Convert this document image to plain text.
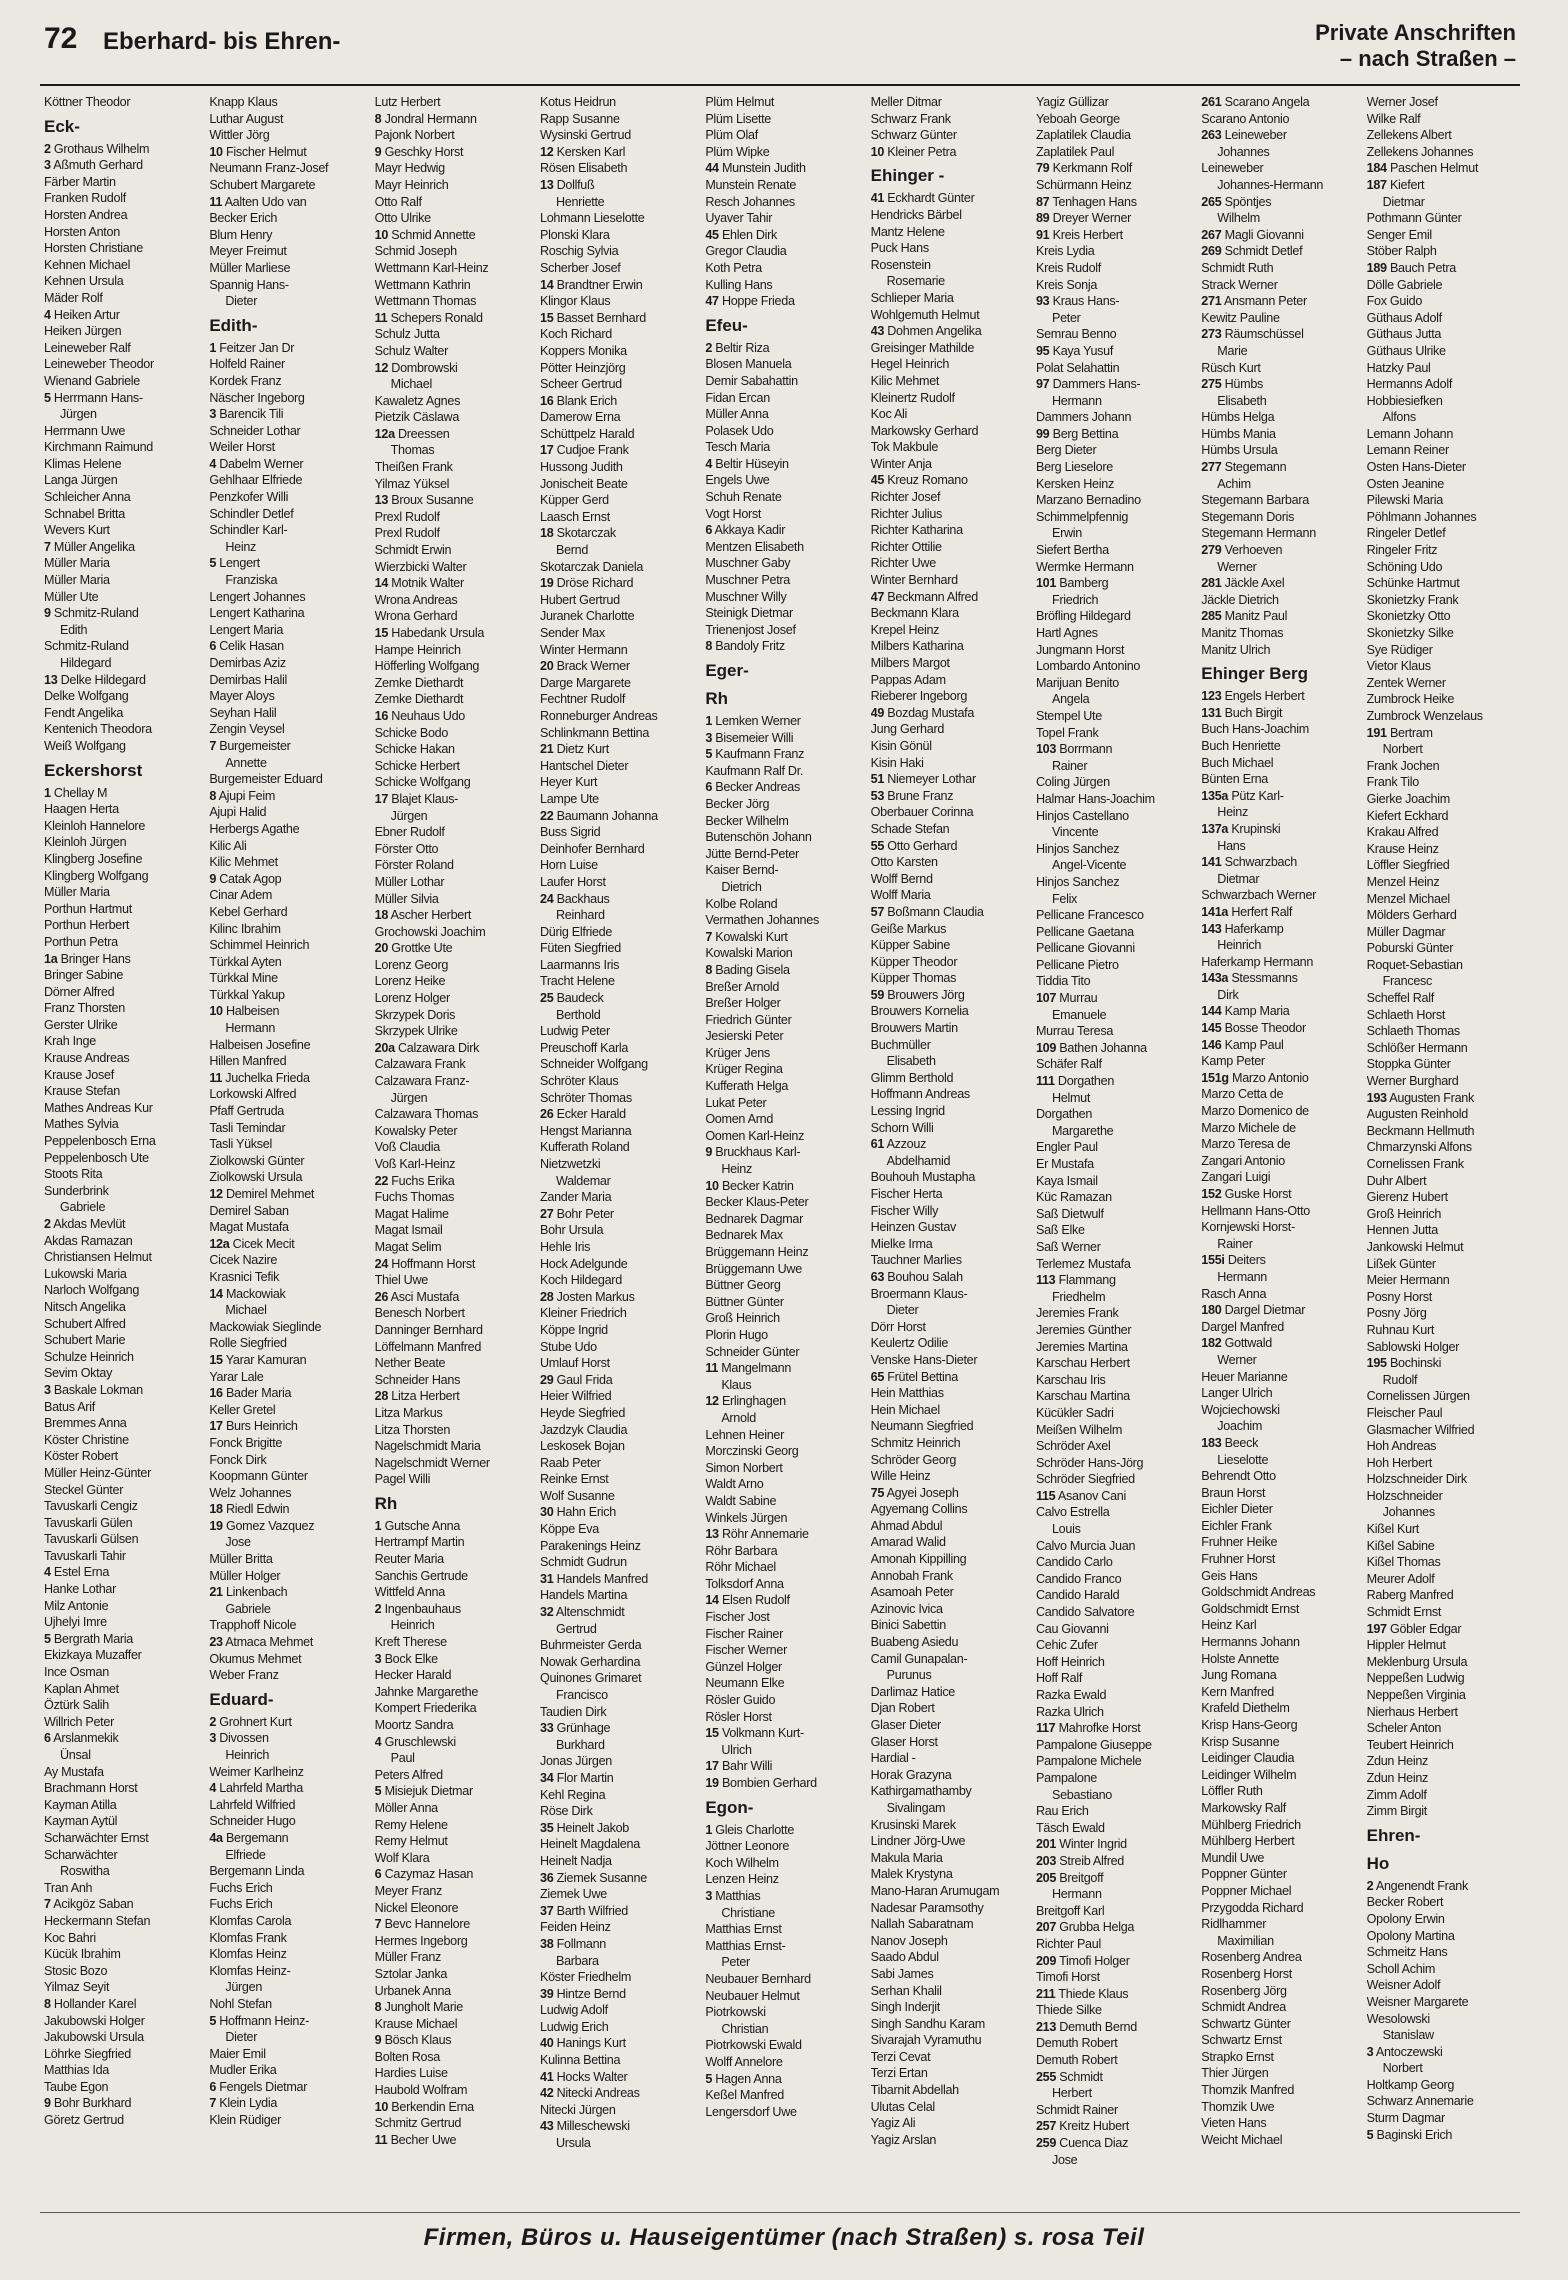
72 Eberhard- bis Ehren-	Private Anschriften
– nach Straßen –
Köttner Theodor
Eck-
2 Grothaus Wilhelm
3 Aßmuth Gerhard
Färber Martin
Franken Rudolf
Horsten Andrea
Horsten Anton
Horsten Christiane
Kehnen Michael
Kehnen Ursula
Mäder Rolf
4 Heiken Artur
Heiken Jürgen
Leineweber Ralf
Leineweber Theodor
Wienand Gabriele
5 Herrmann Hans-
Jürgen
Herrmann Uwe
Kirchmann Raimund
Klimas Helene
Langa Jürgen
Schleicher Anna
Schnabel Britta
Wevers Kurt
7 Müller Angelika
Müller Maria
Müller Maria
Müller Ute
9 Schmitz-Ruland
Edith
Schmitz-Ruland
Hildegard
13 Delke Hildegard
Delke Wolfgang
Fendt Angelika
Kentenich Theodora
Weiß Wolfgang
Eckershorst
1 Chellay M
Haagen Herta
Kleinloh Hannelore
Kleinloh Jürgen
Klingberg Josefine
Klingberg Wolfgang
Müller Maria
Porthun Hartmut
Porthun Herbert
Porthun Petra
1a Bringer Hans
Bringer Sabine
Dörner Alfred
Franz Thorsten
Gerster Ulrike
Krah Inge
Krause Andreas
Krause Josef
Krause Stefan
Mathes Andreas Kur
Mathes Sylvia
Peppelenbosch Erna
Peppelenbosch Ute
Stoots Rita
Sunderbrink
Gabriele
2 Akdas Mevlüt
Akdas Ramazan
Christiansen Helmut
Lukowski Maria
Narloch Wolfgang
Nitsch Angelika
Schubert Alfred
Schubert Marie
Schulze Heinrich
Sevim Oktay
3 Baskale Lokman
Batus Arif
Bremmes Anna
Köster Christine
Köster Robert
Müller Heinz-Günter
Steckel Günter
Tavuskarli Cengiz
Tavuskarli Gülen
Tavuskarli Gülsen
Tavuskarli Tahir
4 Estel Erna
Hanke Lothar
Milz Antonie
Ujhelyi Imre
5 Bergrath Maria
Ekizkaya Muzaffer
Ince Osman
Kaplan Ahmet
Öztürk Salih
Willrich Peter
6 Arslanmekik
Ünsal
Ay Mustafa
Brachmann Horst
Kayman Atilla
Kayman Aytül
Scharwächter Ernst
Scharwächter
Roswitha
Tran Anh
7 Acikgöz Saban
Heckermann Stefan
Koc Bahri
Kücük Ibrahim
Stosic Bozo
Yilmaz Seyit
8 Hollander Karel
Jakubowski Holger
Jakubowski Ursula
Löhrke Siegfried
Matthias Ida
Taube Egon
9 Bohr Burkhard
Göretz Gertrud
Knapp Klaus
Luthar August
Wittler Jörg
10 Fischer Helmut
Neumann Franz-Josef
Schubert Margarete
11 Aalten Udo van
Becker Erich
Blum Henry
Meyer Freimut
Müller Marliese
Spannig Hans-
Dieter
Edith-
1 Feitzer Jan Dr
Holfeld Rainer
Kordek Franz
Näscher Ingeborg
3 Barencik Tili
Schneider Lothar
Weiler Horst
4 Dabelm Werner
Gehlhaar Elfriede
Penzkofer Willi
Schindler Detlef
Schindler Karl-
Heinz
5 Lengert
Franziska
Lengert Johannes
Lengert Katharina
Lengert Maria
6 Celik Hasan
Demirbas Aziz
Demirbas Halil
Mayer Aloys
Seyhan Halil
Zengin Veysel
7 Burgemeister
Annette
Burgemeister Eduard
8 Ajupi Feim
Ajupi Halid
Herbergs Agathe
Kilic Ali
Kilic Mehmet
9 Catak Agop
Cinar Adem
Kebel Gerhard
Kilinc Ibrahim
Schimmel Heinrich
Türkkal Ayten
Türkkal Mine
Türkkal Yakup
10 Halbeisen
Hermann
Halbeisen Josefine
Hillen Manfred
11 Juchelka Frieda
Lorkowski Alfred
Pfaff Gertruda
Tasli Temindar
Tasli Yüksel
Ziolkowski Günter
Ziolkowski Ursula
12 Demirel Mehmet
Demirel Saban
Magat Mustafa
12a Cicek Mecit
Cicek Nazire
Krasnici Tefik
14 Mackowiak
Michael
Mackowiak Sieglinde
Rolle Siegfried
15 Yarar Kamuran
Yarar Lale
16 Bader Maria
Keller Gretel
17 Burs Heinrich
Fonck Brigitte
Fonck Dirk
Koopmann Günter
Welz Johannes
18 Riedl Edwin
19 Gomez Vazquez
Jose
Müller Britta
Müller Holger
21 Linkenbach
Gabriele
Trapphoff Nicole
23 Atmaca Mehmet
Okumus Mehmet
Weber Franz
Eduard-
2 Grohnert Kurt
3 Divossen
Heinrich
Weimer Karlheinz
4 Lahrfeld Martha
Lahrfeld Wilfried
Schneider Hugo
4a Bergemann
Elfriede
Bergemann Linda
Fuchs Erich
Fuchs Erich
Klomfas Carola
Klomfas Frank
Klomfas Heinz
Klomfas Heinz-
Jürgen
Nohl Stefan
5 Hoffmann Heinz-
Dieter
Maier Emil
Mudler Erika
6 Fengels Dietmar
7 Klein Lydia
Klein Rüdiger
Lutz Herbert
8 Jondral Hermann
Pajonk Norbert
9 Geschky Horst
Mayr Hedwig
Mayr Heinrich
Otto Ralf
Otto Ulrike
10 Schmid Annette
Schmid Joseph
Wettmann Karl-Heinz
Wettmann Kathrin
Wettmann Thomas
11 Schepers Ronald
Schulz Jutta
Schulz Walter
12 Dombrowski
Michael
Kawaletz Agnes
Pietzik Cäslawa
12a Dreessen
Thomas
Theißen Frank
Yilmaz Yüksel
13 Broux Susanne
Prexl Rudolf
Prexl Rudolf
Schmidt Erwin
Wierzbicki Walter
14 Motnik Walter
Wrona Andreas
Wrona Gerhard
15 Habedank Ursula
Hampe Heinrich
Höfferling Wolfgang
Zemke Diethardt
Zemke Diethardt
16 Neuhaus Udo
Schicke Bodo
Schicke Hakan
Schicke Herbert
Schicke Wolfgang
17 Blajet Klaus-
Jürgen
Ebner Rudolf
Förster Otto
Förster Roland
Müller Lothar
Müller Silvia
18 Ascher Herbert
Grochowski Joachim
20 Grottke Ute
Lorenz Georg
Lorenz Heike
Lorenz Holger
Skrzypek Doris
Skrzypek Ulrike
20a Calzawara Dirk
Calzawara Frank
Calzawara Franz-
Jürgen
Calzawara Thomas
Kowalsky Peter
Voß Claudia
Voß Karl-Heinz
22 Fuchs Erika
Fuchs Thomas
Magat Halime
Magat Ismail
Magat Selim
24 Hoffmann Horst
Thiel Uwe
26 Asci Mustafa
Benesch Norbert
Danninger Bernhard
Löffelmann Manfred
Nether Beate
Schneider Hans
28 Litza Herbert
Litza Markus
Litza Thorsten
Nagelschmidt Maria
Nagelschmidt Werner
Pagel Willi
Rh
1 Gutsche Anna
Hertrampf Martin
Reuter Maria
Sanchis Gertrude
Wittfeld Anna
2 Ingenbauhaus
Heinrich
Kreft Therese
3 Bock Elke
Hecker Harald
Jahnke Margarethe
Kompert Friederika
Moortz Sandra
4 Gruschlewski
Paul
Peters Alfred
5 Misiejuk Dietmar
Möller Anna
Remy Helene
Remy Helmut
Wolf Klara
6 Cazymaz Hasan
Meyer Franz
Nickel Eleonore
7 Bevc Hannelore
Hermes Ingeborg
Müller Franz
Sztolar Janka
Urbanek Anna
8 Jungholt Marie
Krause Michael
9 Bösch Klaus
Bolten Rosa
Hardies Luise
Haubold Wolfram
10 Berkendin Erna
Schmitz Gertrud
11 Becher Uwe
Kotus Heidrun
Rapp Susanne
Wysinski Gertrud
12 Kersken Karl
Rösen Elisabeth
13 Dollfuß
Henriette
Lohmann Lieselotte
Plonski Klara
Roschig Sylvia
Scherber Josef
14 Brandtner Erwin
Klingor Klaus
15 Basset Bernhard
Koch Richard
Koppers Monika
Pötter Heinzjörg
Scheer Gertrud
16 Blank Erich
Damerow Erna
Schüttpelz Harald
17 Cudjoe Frank
Hussong Judith
Jonischeit Beate
Küpper Gerd
Laasch Ernst
18 Skotarczak
Bernd
Skotarczak Daniela
19 Dröse Richard
Hubert Gertrud
Juranek Charlotte
Sender Max
Winter Hermann
20 Brack Werner
Darge Margarete
Fechtner Rudolf
Ronneburger Andreas
Schlinkmann Bettina
21 Dietz Kurt
Hantschel Dieter
Heyer Kurt
Lampe Ute
22 Baumann Johanna
Buss Sigrid
Deinhofer Bernhard
Horn Luise
Laufer Horst
24 Backhaus
Reinhard
Dürig Elfriede
Füten Siegfried
Laarmanns Iris
Tracht Helene
25 Baudeck
Berthold
Ludwig Peter
Preuschoff Karla
Schneider Wolfgang
Schröter Klaus
Schröter Thomas
26 Ecker Harald
Hengst Marianna
Kufferath Roland
Nietzwetzki
Waldemar
Zander Maria
27 Bohr Peter
Bohr Ursula
Hehle Iris
Hock Adelgunde
Koch Hildegard
28 Josten Markus
Kleiner Friedrich
Köppe Ingrid
Stube Udo
Umlauf Horst
29 Gaul Frida
Heier Wilfried
Heyde Siegfried
Jazdzyk Claudia
Leskosek Bojan
Raab Peter
Reinke Ernst
Wolf Susanne
30 Hahn Erich
Köppe Eva
Parakenings Heinz
Schmidt Gudrun
31 Handels Manfred
Handels Martina
32 Altenschmidt
Gertrud
Buhrmeister Gerda
Nowak Gerhardina
Quinones Grimaret
Francisco
Taudien Dirk
33 Grünhage
Burkhard
Jonas Jürgen
34 Flor Martin
Kehl Regina
Röse Dirk
35 Heinelt Jakob
Heinelt Magdalena
Heinelt Nadja
36 Ziemek Susanne
Ziemek Uwe
37 Barth Wilfried
Feiden Heinz
38 Follmann
Barbara
Köster Friedhelm
39 Hintze Bernd
Ludwig Adolf
Ludwig Erich
40 Hanings Kurt
Kulinna Bettina
41 Hocks Walter
42 Nitecki Andreas
Nitecki Jürgen
43 Milleschewski
Ursula
Plüm Helmut
Plüm Lisette
Plüm Olaf
Plüm Wipke
44 Munstein Judith
Munstein Renate
Resch Johannes
Uyaver Tahir
45 Ehlen Dirk
Gregor Claudia
Koth Petra
Kulling Hans
47 Hoppe Frieda
Efeu-
2 Beltir Riza
Blosen Manuela
Demir Sabahattin
Fidan Ercan
Müller Anna
Polasek Udo
Tesch Maria
4 Beltir Hüseyin
Engels Uwe
Schuh Renate
Vogt Horst
6 Akkaya Kadir
Mentzen Elisabeth
Muschner Gaby
Muschner Petra
Muschner Willy
Steinigk Dietmar
Trienenjost Josef
8 Bandoly Fritz
Eger-
Rh
1 Lemken Werner
3 Bisemeier Willi
5 Kaufmann Franz
Kaufmann Ralf Dr.
6 Becker Andreas
Becker Jörg
Becker Wilhelm
Butenschön Johann
Jütte Bernd-Peter
Kaiser Bernd-
Dietrich
Kolbe Roland
Vermathen Johannes
7 Kowalski Kurt
Kowalski Marion
8 Bading Gisela
Breßer Arnold
Breßer Holger
Friedrich Günter
Jesierski Peter
Krüger Jens
Krüger Regina
Kufferath Helga
Lukat Peter
Oomen Arnd
Oomen Karl-Heinz
9 Bruckhaus Karl-
Heinz
10 Becker Katrin
Becker Klaus-Peter
Bednarek Dagmar
Bednarek Max
Brüggemann Heinz
Brüggemann Uwe
Büttner Georg
Büttner Günter
Groß Heinrich
Plorin Hugo
Schneider Günter
11 Mangelmann
Klaus
12 Erlinghagen
Arnold
Lehnen Heiner
Morczinski Georg
Simon Norbert
Waldt Arno
Waldt Sabine
Winkels Jürgen
13 Röhr Annemarie
Röhr Barbara
Röhr Michael
Tolksdorf Anna
14 Elsen Rudolf
Fischer Jost
Fischer Rainer
Fischer Werner
Günzel Holger
Neumann Elke
Rösler Guido
Rösler Horst
15 Volkmann Kurt-
Ulrich
17 Bahr Willi
19 Bombien Gerhard
Egon-
1 Gleis Charlotte
Jöttner Leonore
Koch Wilhelm
Lenzen Heinz
3 Matthias
Christiane
Matthias Ernst
Matthias Ernst-
Peter
Neubauer Bernhard
Neubauer Helmut
Piotrkowski
Christian
Piotrkowski Ewald
Wolff Annelore
5 Hagen Anna
Keßel Manfred
Lengersdorf Uwe
Meller Ditmar
Schwarz Frank
Schwarz Günter
10 Kleiner Petra
Ehinger -
41 Eckhardt Günter
Hendricks Bärbel
Mantz Helene
Puck Hans
Rosenstein
Rosemarie
Schlieper Maria
Wohlgemuth Helmut
43 Dohmen Angelika
Greisinger Mathilde
Hegel Heinrich
Kilic Mehmet
Kleinertz Rudolf
Koc Ali
Markowsky Gerhard
Tok Makbule
Winter Anja
45 Kreuz Romano
Richter Josef
Richter Julius
Richter Katharina
Richter Ottilie
Richter Uwe
Winter Bernhard
47 Beckmann Alfred
Beckmann Klara
Krepel Heinz
Milbers Katharina
Milbers Margot
Pappas Adam
Rieberer Ingeborg
49 Bozdag Mustafa
Jung Gerhard
Kisin Gönül
Kisin Haki
51 Niemeyer Lothar
53 Brune Franz
Oberbauer Corinna
Schade Stefan
55 Otto Gerhard
Otto Karsten
Wolff Bernd
Wolff Maria
57 Boßmann Claudia
Geiße Markus
Küpper Sabine
Küpper Theodor
Küpper Thomas
59 Brouwers Jörg
Brouwers Kornelia
Brouwers Martin
Buchmüller
Elisabeth
Glimm Berthold
Hoffmann Andreas
Lessing Ingrid
Schorn Willi
61 Azzouz
Abdelhamid
Bouhouh Mustapha
Fischer Herta
Fischer Willy
Heinzen Gustav
Mielke Irma
Tauchner Marlies
63 Bouhou Salah
Broermann Klaus-
Dieter
Dörr Horst
Keulertz Odilie
Venske Hans-Dieter
65 Frütel Bettina
Hein Matthias
Hein Michael
Neumann Siegfried
Schmitz Heinrich
Schröder Georg
Wille Heinz
75 Agyei Joseph
Agyemang Collins
Ahmad Abdul
Amarad Walid
Amonah Kippilling
Annobah Frank
Asamoah Peter
Azinovic Ivica
Binici Sabettin
Buabeng Asiedu
Camil Gunapalan-
Purunus
Darlimaz Hatice
Djan Robert
Glaser Dieter
Glaser Horst
Hardial -
Horak Grazyna
Kathirgamathamby
Sivalingam
Krusinski Marek
Lindner Jörg-Uwe
Makula Maria
Malek Krystyna
Mano-Haran Arumugam
Nadesar Paramsothy
Nallah Sabaratnam
Nanov Joseph
Saado Abdul
Sabi James
Serhan Khalil
Singh Inderjit
Singh Sandhu Karam
Sivarajah Vyramuthu
Terzi Cevat
Terzi Ertan
Tibarnit Abdellah
Ulutas Celal
Yagiz Ali
Yagiz Arslan
Yagiz Güllizar
Yeboah George
Zaplatilek Claudia
Zaplatilek Paul
79 Kerkmann Rolf
Schürmann Heinz
87 Tenhagen Hans
89 Dreyer Werner
91 Kreis Herbert
Kreis Lydia
Kreis Rudolf
Kreis Sonja
93 Kraus Hans-
Peter
Semrau Benno
95 Kaya Yusuf
Polat Selahattin
97 Dammers Hans-
Hermann
Dammers Johann
99 Berg Bettina
Berg Dieter
Berg Lieselore
Kersken Heinz
Marzano Bernadino
Schimmelpfennig
Erwin
Siefert Bertha
Wermke Hermann
101 Bamberg
Friedrich
Bröfling Hildegard
Hartl Agnes
Jungmann Horst
Lombardo Antonino
Marijuan Benito
Angela
Stempel Ute
Topel Frank
103 Borrmann
Rainer
Coling Jürgen
Halmar Hans-Joachim
Hinjos Castellano
Vincente
Hinjos Sanchez
Angel-Vicente
Hinjos Sanchez
Felix
Pellicane Francesco
Pellicane Gaetana
Pellicane Giovanni
Pellicane Pietro
Tiddia Tito
107 Murrau
Emanuele
Murrau Teresa
109 Bathen Johanna
Schäfer Ralf
111 Dorgathen
Helmut
Dorgathen
Margarethe
Engler Paul
Er Mustafa
Kaya Ismail
Küc Ramazan
Saß Dietwulf
Saß Elke
Saß Werner
Terlemez Mustafa
113 Flammang
Friedhelm
Jeremies Frank
Jeremies Günther
Jeremies Martina
Karschau Herbert
Karschau Iris
Karschau Martina
Kücükler Sadri
Meißen Wilhelm
Schröder Axel
Schröder Hans-Jörg
Schröder Siegfried
115 Asanov Cani
Calvo Estrella
Louis
Calvo Murcia Juan
Candido Carlo
Candido Franco
Candido Harald
Candido Salvatore
Cau Giovanni
Cehic Zufer
Hoff Heinrich
Hoff Ralf
Razka Ewald
Razka Ulrich
117 Mahrofke Horst
Pampalone Giuseppe
Pampalone Michele
Pampalone
Sebastiano
Rau Erich
Täsch Ewald
201 Winter Ingrid
203 Streib Alfred
205 Breitgoff
Hermann
Breitgoff Karl
207 Grubba Helga
Richter Paul
209 Timofi Holger
Timofi Horst
211 Thiede Klaus
Thiede Silke
213 Demuth Bernd
Demuth Robert
Demuth Robert
255 Schmidt
Herbert
Schmidt Rainer
257 Kreitz Hubert
259 Cuenca Diaz
Jose
261 Scarano Angela
Scarano Antonio
263 Leineweber
Johannes
Leineweber
Johannes-Hermann
265 Spöntjes
Wilhelm
267 Magli Giovanni
269 Schmidt Detlef
Schmidt Ruth
Strack Werner
271 Ansmann Peter
Kewitz Pauline
273 Räumschüssel
Marie
Rüsch Kurt
275 Hümbs
Elisabeth
Hümbs Helga
Hümbs Mania
Hümbs Ursula
277 Stegemann
Achim
Stegemann Barbara
Stegemann Doris
Stegemann Hermann
279 Verhoeven
Werner
281 Jäckle Axel
Jäckle Dietrich
285 Manitz Paul
Manitz Thomas
Manitz Ulrich
Ehinger Berg
123 Engels Herbert
131 Buch Birgit
Buch Hans-Joachim
Buch Henriette
Buch Michael
Bünten Erna
135a Pütz Karl-
Heinz
137a Krupinski
Hans
141 Schwarzbach
Dietmar
Schwarzbach Werner
141a Herfert Ralf
143 Haferkamp
Heinrich
Haferkamp Hermann
143a Stessmanns
Dirk
144 Kamp Maria
145 Bosse Theodor
146 Kamp Paul
Kamp Peter
151g Marzo Antonio
Marzo Cetta de
Marzo Domenico de
Marzo Michele de
Marzo Teresa de
Zangari Antonio
Zangari Luigi
152 Guske Horst
Hellmann Hans-Otto
Kornjewski Horst-
Rainer
155i Deiters
Hermann
Rasch Anna
180 Dargel Dietmar
Dargel Manfred
182 Gottwald
Werner
Heuer Marianne
Langer Ulrich
Wojciechowski
Joachim
183 Beeck
Lieselotte
Behrendt Otto
Braun Horst
Eichler Dieter
Eichler Frank
Fruhner Heike
Fruhner Horst
Geis Hans
Goldschmidt Andreas
Goldschmidt Ernst
Heinz Karl
Hermanns Johann
Holste Annette
Jung Romana
Kern Manfred
Krafeld Diethelm
Krisp Hans-Georg
Krisp Susanne
Leidinger Claudia
Leidinger Wilhelm
Löffler Ruth
Markowsky Ralf
Mühlberg Friedrich
Mühlberg Herbert
Mundil Uwe
Poppner Günter
Poppner Michael
Przygodda Richard
Ridlhammer
Maximilian
Rosenberg Andrea
Rosenberg Horst
Rosenberg Jörg
Schmidt Andrea
Schwartz Günter
Schwartz Ernst
Strapko Ernst
Thier Jürgen
Thomzik Manfred
Thomzik Uwe
Vieten Hans
Weicht Michael
Werner Josef
Wilke Ralf
Zellekens Albert
Zellekens Johannes
184 Paschen Helmut
187 Kiefert
Dietmar
Pothmann Günter
Senger Emil
Stöber Ralph
189 Bauch Petra
Dölle Gabriele
Fox Guido
Güthaus Adolf
Güthaus Jutta
Güthaus Ulrike
Hatzky Paul
Hermanns Adolf
Hobbiesiefken
Alfons
Lemann Johann
Lemann Reiner
Osten Hans-Dieter
Osten Jeanine
Pilewski Maria
Pöhlmann Johannes
Ringeler Detlef
Ringeler Fritz
Schöning Udo
Schünke Hartmut
Skonietzky Frank
Skonietzky Otto
Skonietzky Silke
Sye Rüdiger
Vietor Klaus
Zentek Werner
Zumbrock Heike
Zumbrock Wenzelaus
191 Bertram
Norbert
Frank Jochen
Frank Tilo
Gierke Joachim
Kiefert Eckhard
Krakau Alfred
Krause Heinz
Löffler Siegfried
Menzel Heinz
Menzel Michael
Mölders Gerhard
Müller Dagmar
Poburski Günter
Roquet-Sebastian
Francesc
Scheffel Ralf
Schlaeth Horst
Schlaeth Thomas
Schlößer Hermann
Stoppka Günter
Werner Burghard
193 Augusten Frank
Augusten Reinhold
Beckmann Hellmuth
Chmarzynski Alfons
Cornelissen Frank
Duhr Albert
Gierenz Hubert
Groß Heinrich
Hennen Jutta
Jankowski Helmut
Lißek Günter
Meier Hermann
Posny Horst
Posny Jörg
Ruhnau Kurt
Sablowski Holger
195 Bochinski
Rudolf
Cornelissen Jürgen
Fleischer Paul
Glasmacher Wilfried
Hoh Andreas
Hoh Herbert
Holzschneider Dirk
Holzschneider
Johannes
Kißel Kurt
Kißel Sabine
Kißel Thomas
Meurer Adolf
Raberg Manfred
Schmidt Ernst
197 Göbler Edgar
Hippler Helmut
Meklenburg Ursula
Neppeßen Ludwig
Neppeßen Virginia
Nierhaus Herbert
Scheler Anton
Teubert Heinrich
Zdun Heinz
Zdun Heinz
Zimm Adolf
Zimm Birgit
Ehren-
Ho
2 Angenendt Frank
Becker Robert
Opolony Erwin
Opolony Martina
Schmeitz Hans
Scholl Achim
Weisner Adolf
Weisner Margarete
Wesolowski
Stanislaw
3 Antoczewski
Norbert
Holtkamp Georg
Schwarz Annemarie
Sturm Dagmar
5 Baginski Erich
Firmen, Büros u. Hauseigentümer (nach Straßen) s. rosa Teil
